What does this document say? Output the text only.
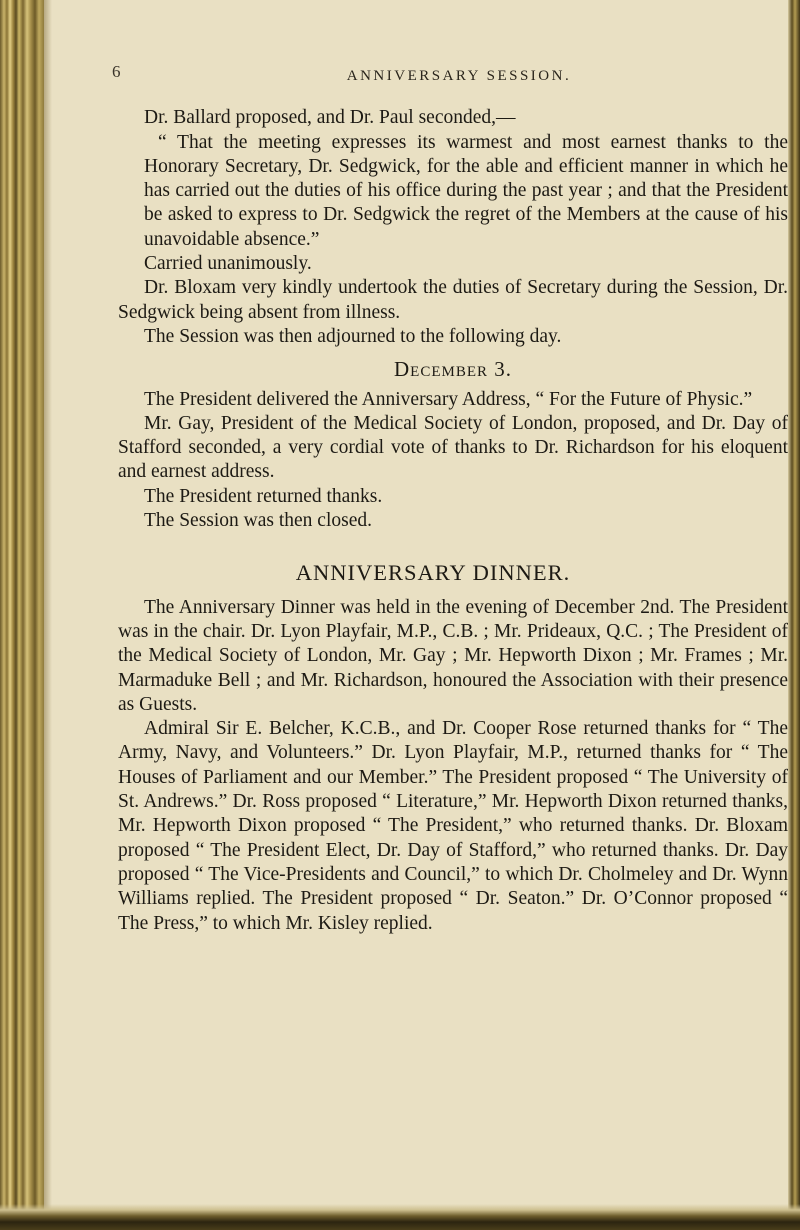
6	ANNIVERSARY SESSION.

Dr. Ballard proposed, and Dr. Paul seconded,—

“ That the meeting expresses its warmest and most earnest thanks to the Honorary Secretary, Dr. Sedgwick, for the able and efficient manner in which he has carried out the duties of his office during the past year ; and that the President be asked to express to Dr. Sedgwick the regret of the Members at the cause of his unavoidable absence.”

Carried unanimously.

Dr. Bloxam very kindly undertook the duties of Secretary during the Session, Dr. Sedgwick being absent from illness.

The Session was then adjourned to the following day.

December 3.

The President delivered the Anniversary Address, “ For the Future of Physic.”

Mr. Gay, President of the Medical Society of London, proposed, and Dr. Day of Stafford seconded, a very cordial vote of thanks to Dr. Richardson for his eloquent and earnest address.

The President returned thanks.

The Session was then closed.

ANNIVERSARY DINNER.

The Anniversary Dinner was held in the evening of December 2nd. The President was in the chair. Dr. Lyon Playfair, M.P., C.B. ; Mr. Prideaux, Q.C. ; The President of the Medical Society of London, Mr. Gay ; Mr. Hepworth Dixon ; Mr. Frames ; Mr. Marmaduke Bell ; and Mr. Richardson, honoured the Association with their presence as Guests.

Admiral Sir E. Belcher, K.C.B., and Dr. Cooper Rose returned thanks for “ The Army, Navy, and Volunteers.” Dr. Lyon Playfair, M.P., returned thanks for “ The Houses of Parliament and our Member.” The President proposed “ The University of St. Andrews.” Dr. Ross proposed “ Literature,” Mr. Hepworth Dixon returned thanks, Mr. Hepworth Dixon proposed “ The President,” who returned thanks. Dr. Bloxam proposed “ The President Elect, Dr. Day of Stafford,” who returned thanks. Dr. Day proposed “ The Vice-Presidents and Council,” to which Dr. Cholmeley and Dr. Wynn Williams replied. The President proposed “ Dr. Seaton.” Dr. O’Connor proposed “ The Press,” to which Mr. Kisley replied.
